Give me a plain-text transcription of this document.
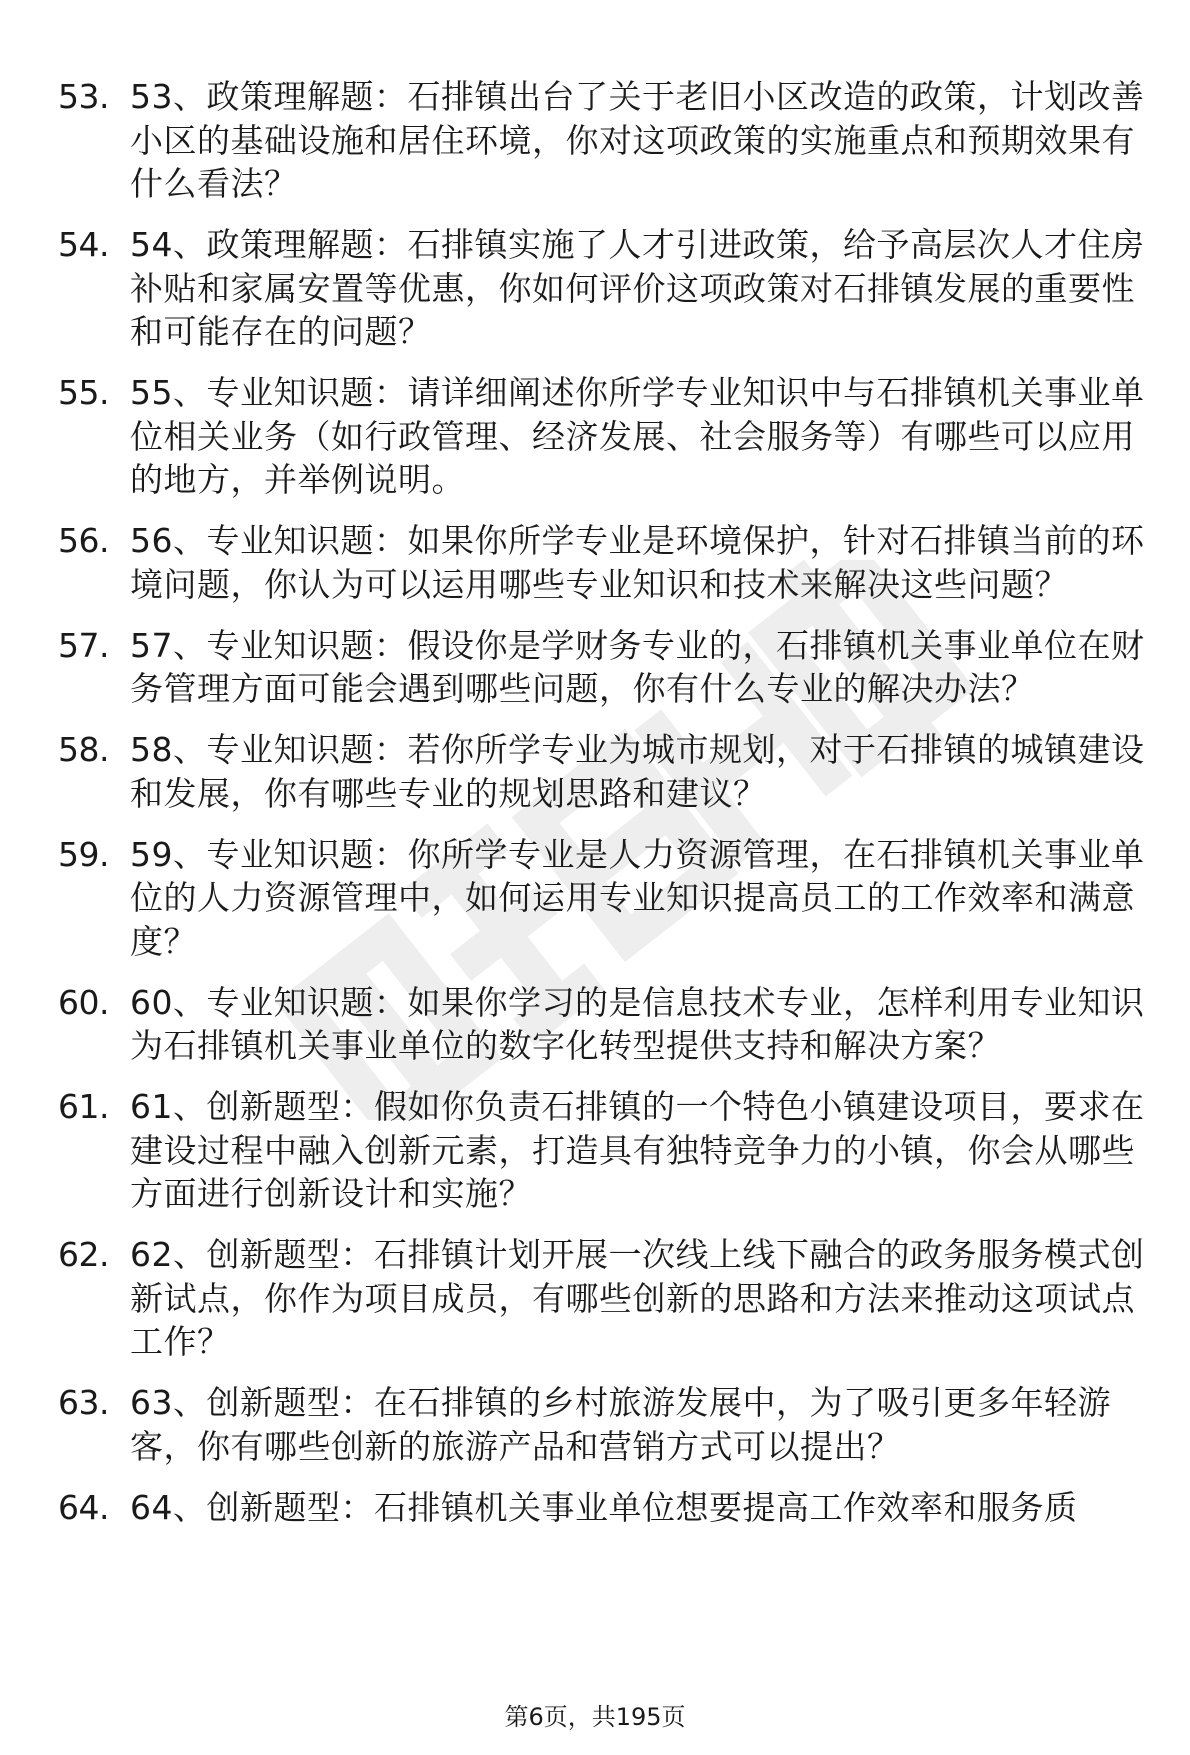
53. 53、政策理解题：石排镇出台了关于老旧小区改造的政策，计划改善小区的基础设施和居住环境，你对这项政策的实施重点和预期效果有什么看法？
54. 54、政策理解题：石排镇实施了人才引进政策，给予高层次人才住房补贴和家属安置等优惠，你如何评价这项政策对石排镇发展的重要性和可能存在的问题？
55. 55、专业知识题：请详细阐述你所学专业知识中与石排镇机关事业单位相关业务（如行政管理、经济发展、社会服务等）有哪些可以应用的地方，并举例说明。
56. 56、专业知识题：如果你所学专业是环境保护，针对石排镇当前的环境问题，你认为可以运用哪些专业知识和技术来解决这些问题？
57. 57、专业知识题：假设你是学财务专业的，石排镇机关事业单位在财务管理方面可能会遇到哪些问题，你有什么专业的解决办法？
58. 58、专业知识题：若你所学专业为城市规划，对于石排镇的城镇建设和发展，你有哪些专业的规划思路和建议？
59. 59、专业知识题：你所学专业是人力资源管理，在石排镇机关事业单位的人力资源管理中，如何运用专业知识提高员工的工作效率和满意度？
60. 60、专业知识题：如果你学习的是信息技术专业，怎样利用专业知识为石排镇机关事业单位的数字化转型提供支持和解决方案？
61. 61、创新题型：假如你负责石排镇的一个特色小镇建设项目，要求在建设过程中融入创新元素，打造具有独特竞争力的小镇，你会从哪些方面进行创新设计和实施？
62. 62、创新题型：石排镇计划开展一次线上线下融合的政务服务模式创新试点，你作为项目成员，有哪些创新的思路和方法来推动这项试点工作？
63. 63、创新题型：在石排镇的乡村旅游发展中，为了吸引更多年轻游客，你有哪些创新的旅游产品和营销方式可以提出？
64. 64、创新题型：石排镇机关事业单位想要提高工作效率和服务质
第6页，共195页
